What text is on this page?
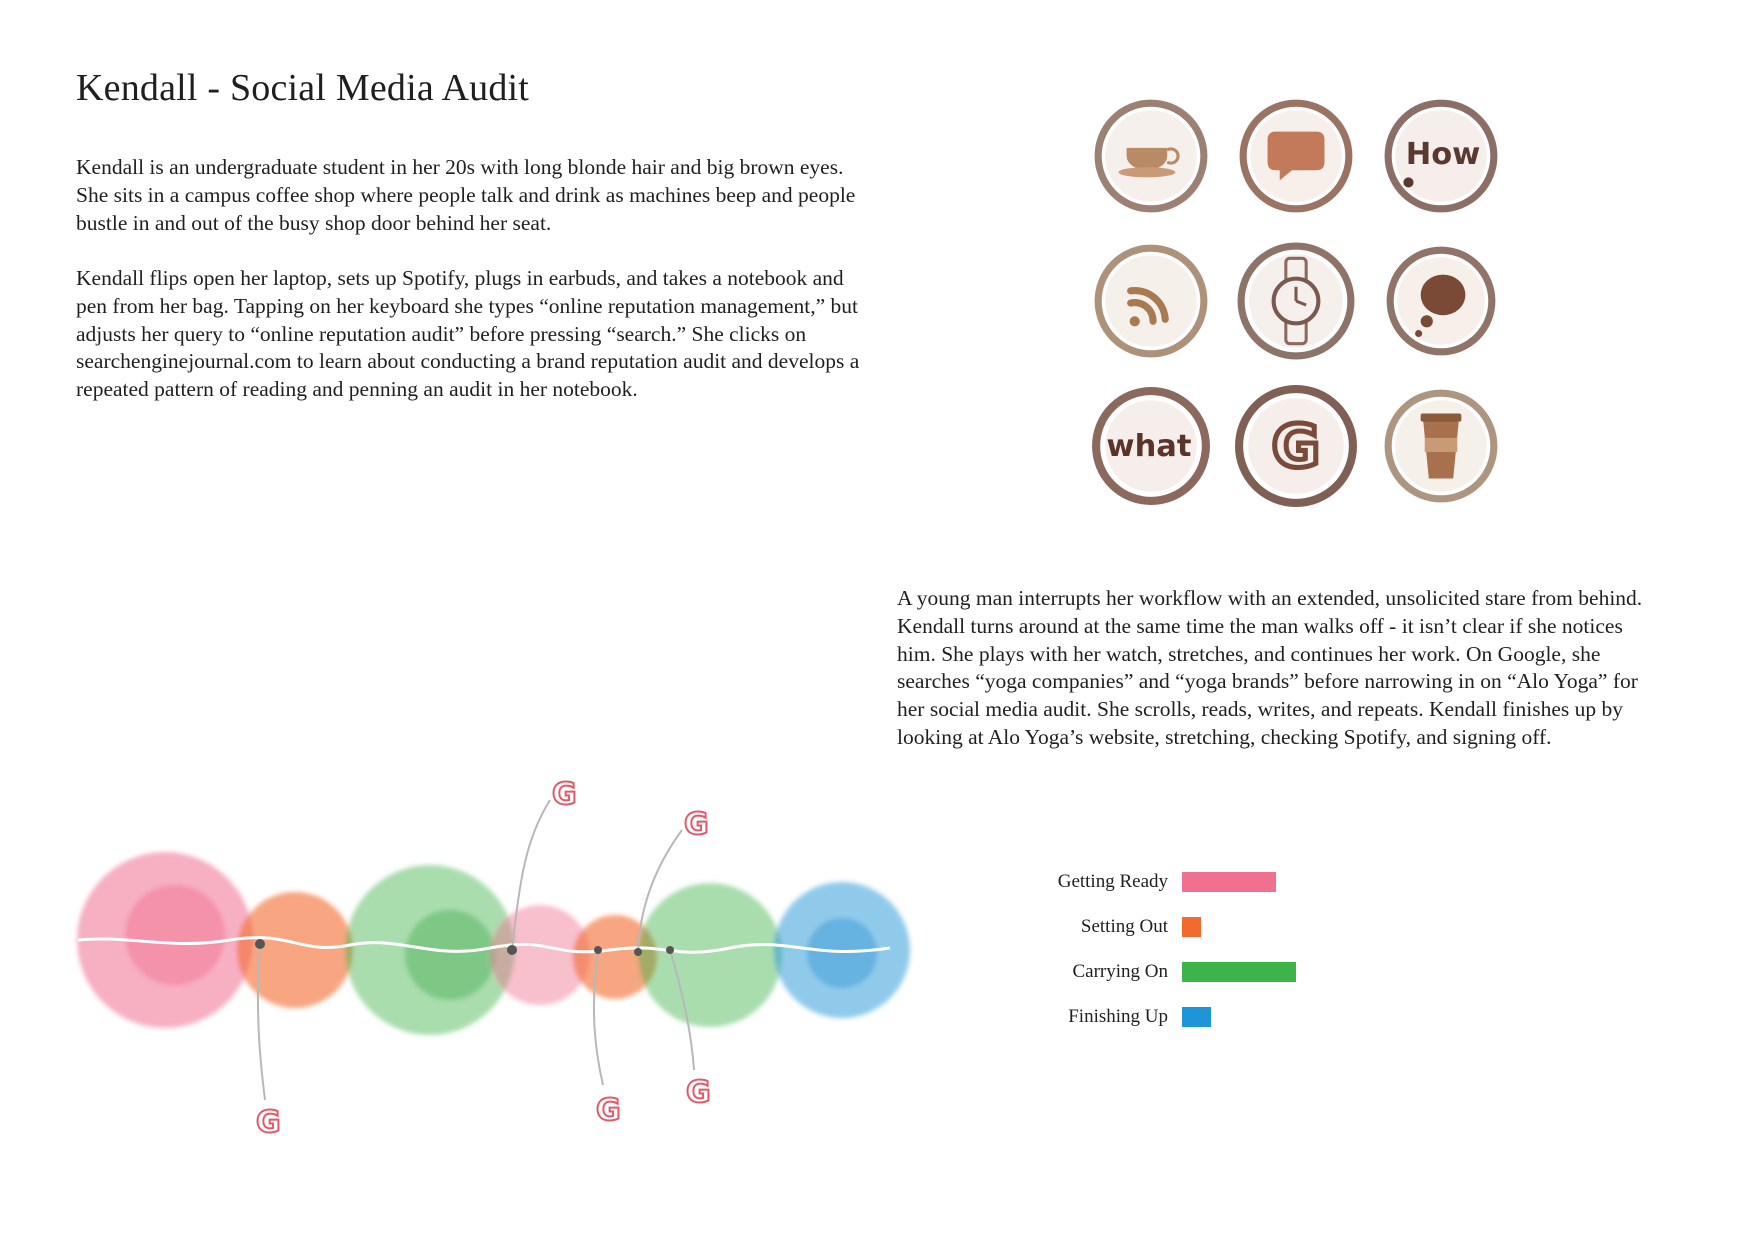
Kendall - Social Media Audit

Kendall is an undergraduate student in her 20s with long blonde hair and big brown eyes. She sits in a campus coffee shop where people talk and drink as machines beep and people bustle in and out of the busy shop door behind her seat.

Kendall flips open her laptop, sets up Spotify, plugs in earbuds, and takes a notebook and pen from her bag. Tapping on her keyboard she types “online reputation management,” but adjusts her query to “online reputation audit” before pressing “search.” She clicks on searchenginejournal.com to learn about conducting a brand reputation audit and develops a repeated pattern of reading and penning an audit in her notebook.

A young man interrupts her workflow with an extended, unsolicited stare from behind. Kendall turns around at the same time the man walks off - it isn’t clear if she notices him. She plays with her watch, stretches, and continues her work. On Google, she searches “yoga companies” and “yoga brands” before narrowing in on “Alo Yoga” for her social media audit. She scrolls, reads, writes, and repeats. Kendall finishes up by looking at Alo Yoga’s website, stretching, checking Spotify, and signing off.

How
what G
G
G
G
G
G
Getting Ready
Setting Out
Carrying On
Finishing Up
